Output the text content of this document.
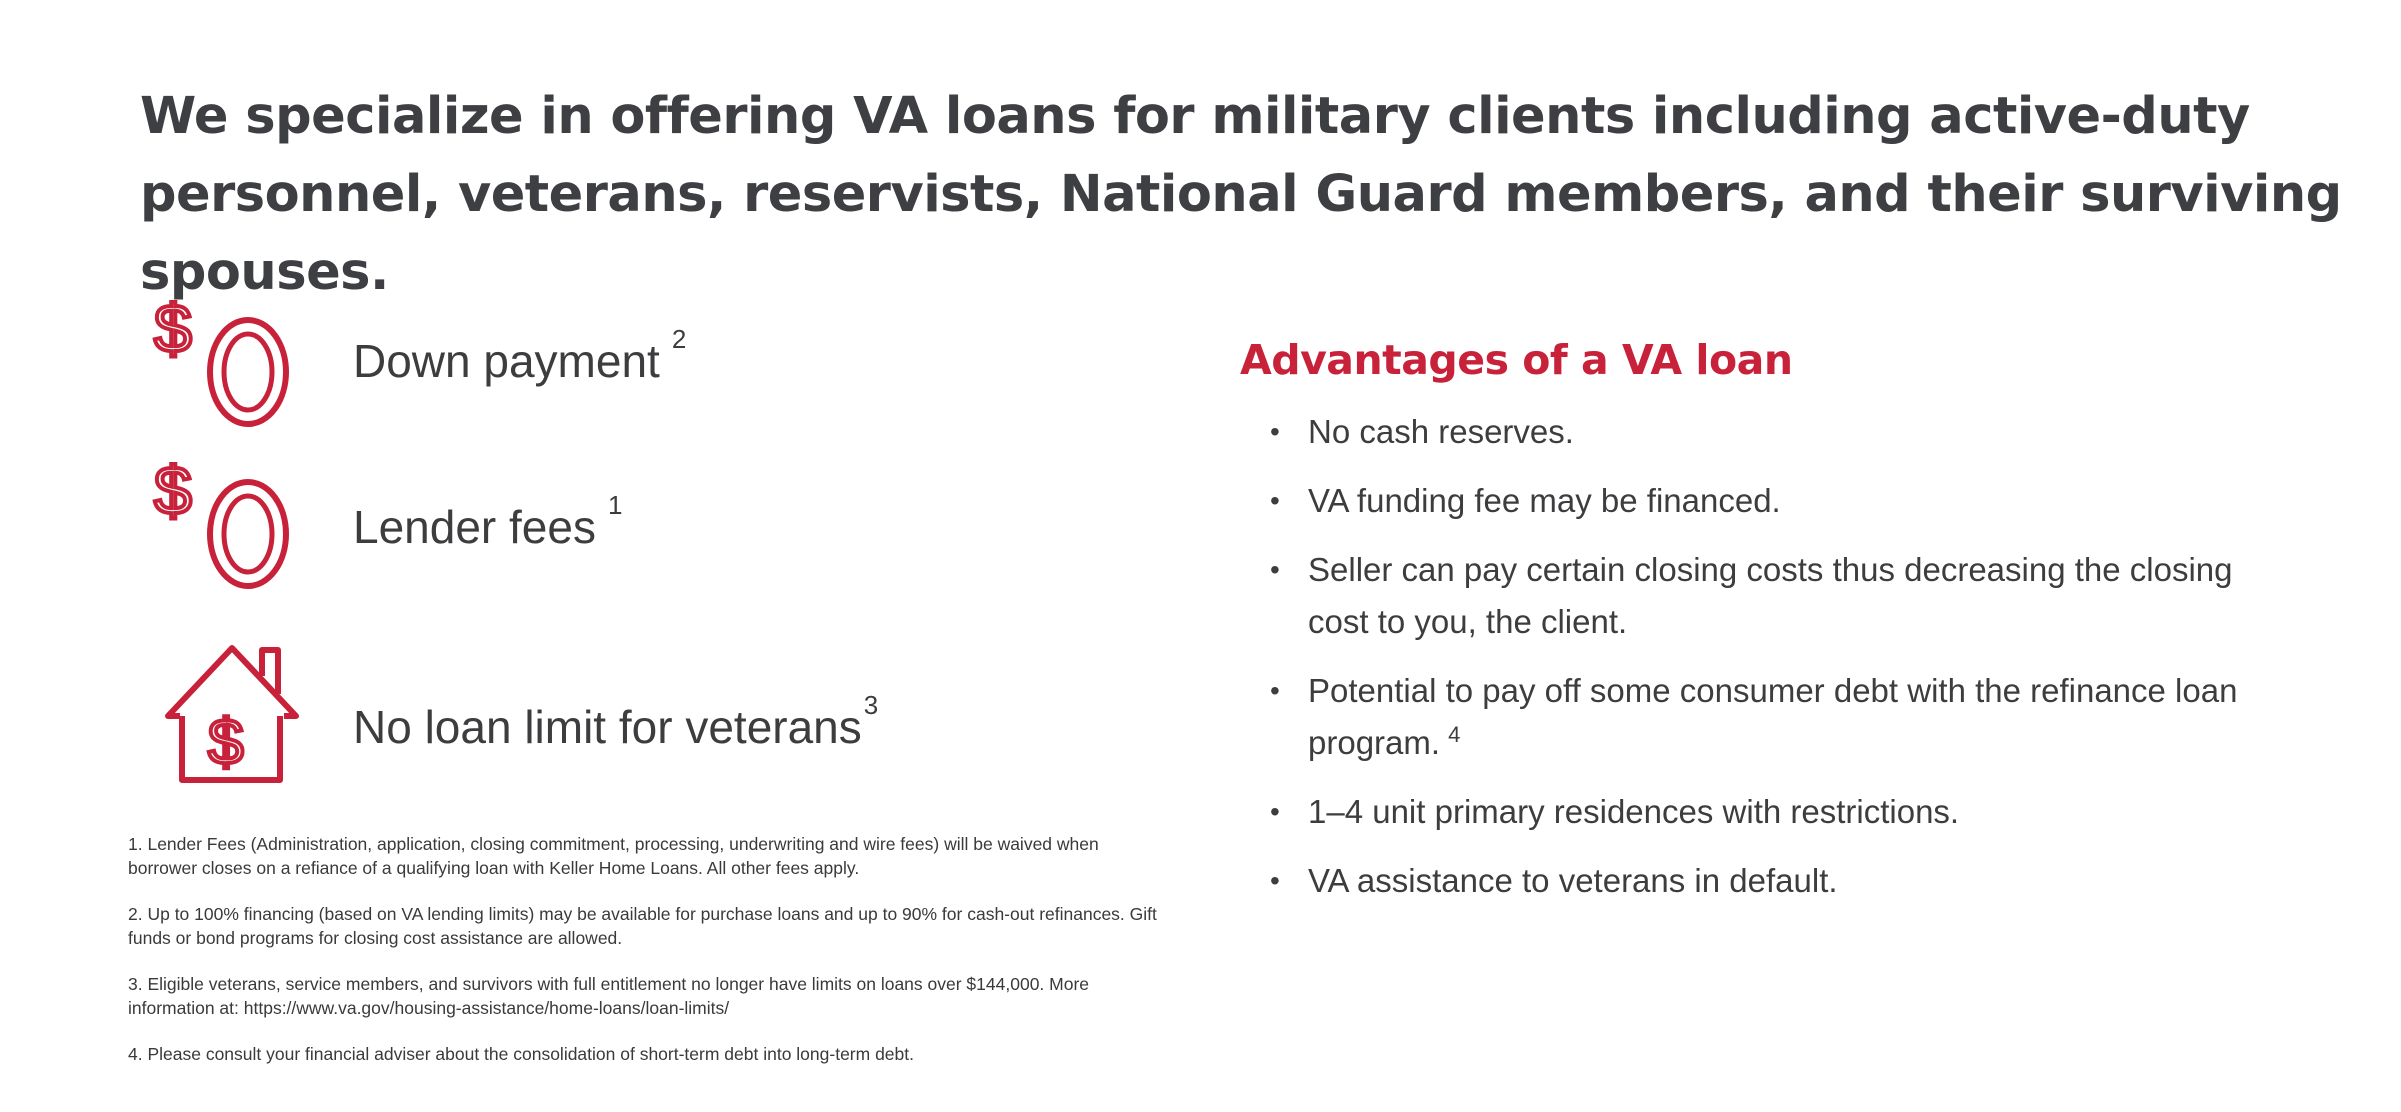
We specialize in offering VA loans for military clients including active-duty personnel, veterans, reservists, National Guard members, and their surviving spouses.
$	Down payment $^2$
$	Lender fees $^1$
$ No loan limit for veterans$^3$

1. Lender Fees (Administration, application, closing commitment, processing, underwriting and wire fees) will be waived when borrower closes on a refiance of a qualifying loan with Keller Home Loans. All other fees apply.

2. Up to 100% financing (based on VA lending limits) may be available for purchase loans and up to 90% for cash-out refinances. Gift funds or bond programs for closing cost assistance are allowed.

3. Eligible veterans, service members, and survivors with full entitlement no longer have limits on loans over $144,000. More information at: https://www.va.gov/housing-assistance/home-loans/loan-limits/

4. Please consult your financial adviser about the consolidation of short-term debt into long-term debt.

Advantages of a VA loan
• No cash reserves.
• VA funding fee may be financed.
• Seller can pay certain closing costs thus decreasing the closing cost to you, the client.
• Potential to pay off some consumer debt with the refinance loan program. $^4$
• 1–4 unit primary residences with restrictions.
• VA assistance to veterans in default.
